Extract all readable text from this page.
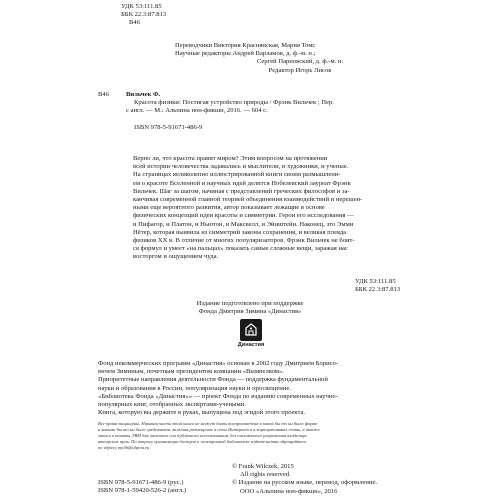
УДК 53:111.85
ББК 22.3:87.813
В46
Переводчики Виктория Краснянская, Мария Томс
Научные редакторы Андрей Варламов, д. ф.-м. н.;
Сергей Парновский, д. ф.-м. н.
Редактор Игорь Лисов
В46	Вильчек Ф.
Красота физики: Постигая устройство природы / Фрэнк Вильчек ; Пер.
с англ. — М.: Альпина нон-фикшн, 2016. — 604 с.
ISBN 978-5-91671-486-9
Верно ли, что красота правит миром? Этим вопросом на протяжении
всей истории человечества задавались и мыслители, и художники, и ученые.
На страницах великолепно иллюстрированной книги своим размышлени-
ем о красоте Вселенной и научных идей делится Нобелевский лауреат Фрэнк
Вильчек. Шаг за шагом, начиная с представлений греческих философов и за-
канчивая современной главной теорией объединения взаимодействий и нерешен-
ными еще вероятного развития, автор показывает лежащие в основе
физических концепций идеи красоты и симметрии. Герои его исследования —
и Пифагор, и Платон, и Ньютон, и Максвелл, и Эйнштейн. Наконец, это Эмми
Нётер, которая выявила из симметрий законы сохранения, и великая плеяда
физиков XX в. В отличие от многих популяризаторов, Фрэнк Вильчек не боит-
ся формул и умеет «на пальцах» показать самые сложные вещи, заражая нас
восторгом и ощущением чуда.
УДК 53:111.85
ББК 22.3:87.813
Издание подготовлено при поддержке
Фонда Дмитрия Зимина «Династия»
Династия
Фонд некоммерческих программ «Династия» основан в 2002 году Дмитрием Борисо-
вичем Зиминым, почетным президентом компании «Вымпелком».
Приоритетные направления деятельности Фонда — поддержка фундаментальной
науки и образования в России, популяризация науки и просвещение.
«Библиотека Фонда «Династия»» — проект Фонда по изданию современных научно-
популярных книг, отобранных экспертами-учеными.
Книга, которую вы держите в руках, выпущена под эгидой этого проекта.
Все права защищены. Никакая часть этой книги не может быть воспроизведена в какой бы то ни было форме
и какими бы то ни было средствами, включая размещение в сети Интернет и в корпоративных сетях, а также
запись в память ЭВМ для частного или публичного использования, без письменного разрешения владельца
авторских прав. По вопросу организации доступа к электронной библиотеке издательства обращайтесь
по адресу mylib@alpina.ru
© Frank Wilczek, 2015
All rights reserved.
© Издание на русском языке, перевод, оформление.
ООО «Альпина нон-фикшн», 2016
ISBN 978-5-91671-486-9 (рус.)
ISBN 978-1-59420-526-2 (англ.)
